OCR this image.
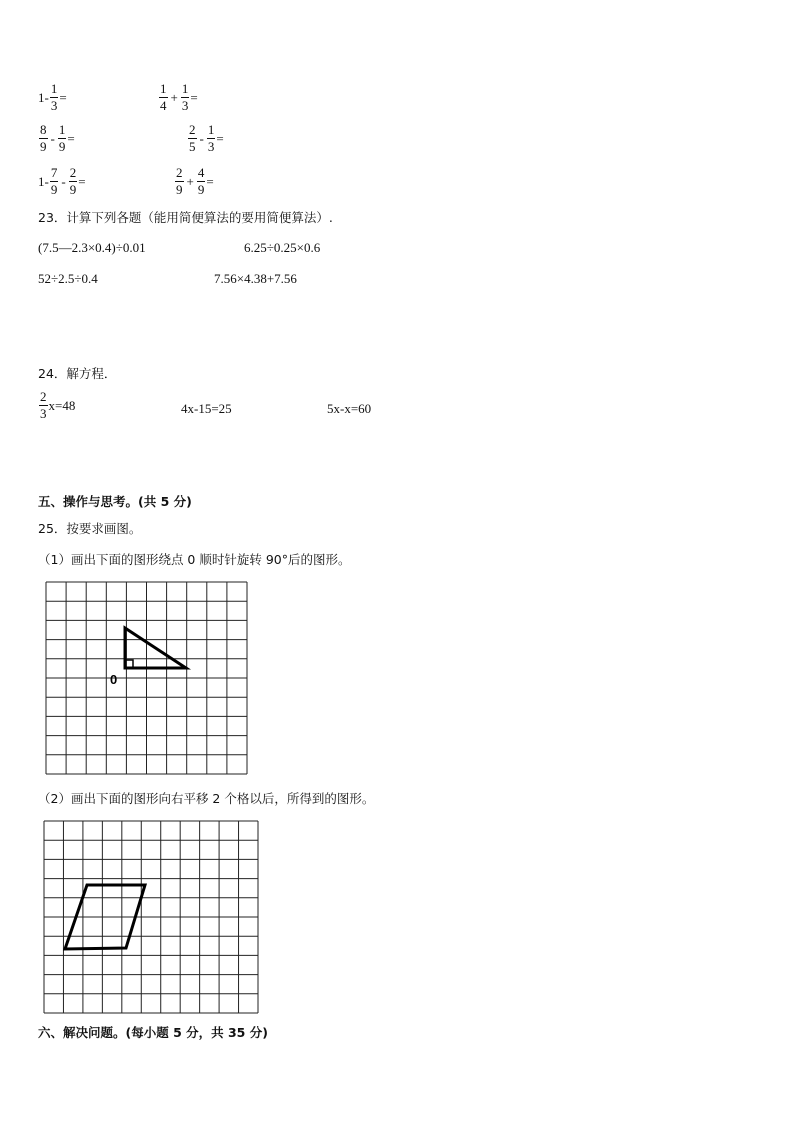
$1- \frac{1}{3}$ =	$\frac{1}{4} + \frac{1}{3}$ =
$\frac{8}{9} - \frac{1}{9}$ =	$\frac{2}{5} - \frac{1}{3}$ =
$1- \frac{7}{9} - \frac{2}{9}$ =	$\frac{2}{9} + \frac{4}{9}$ =
23．计算下列各题（能用简便算法的要用简便算法）.
(7.5—2.3×0.4)÷0.01	6.25÷0.25×0.6
52÷2.5÷0.4	7.56×4.38+7.56
24．解方程．
$\frac{2}{3} x=48$	4x-15=25	5x-x=60
五、操作与思考。(共 5 分)
25．按要求画图。
（1）画出下面的图形绕点 0 顺时针旋转 90°后的图形。
0
（2）画出下面的图形向右平移 2 个格以后，所得到的图形。
六、解决问题。(每小题 5 分，共 35 分)
